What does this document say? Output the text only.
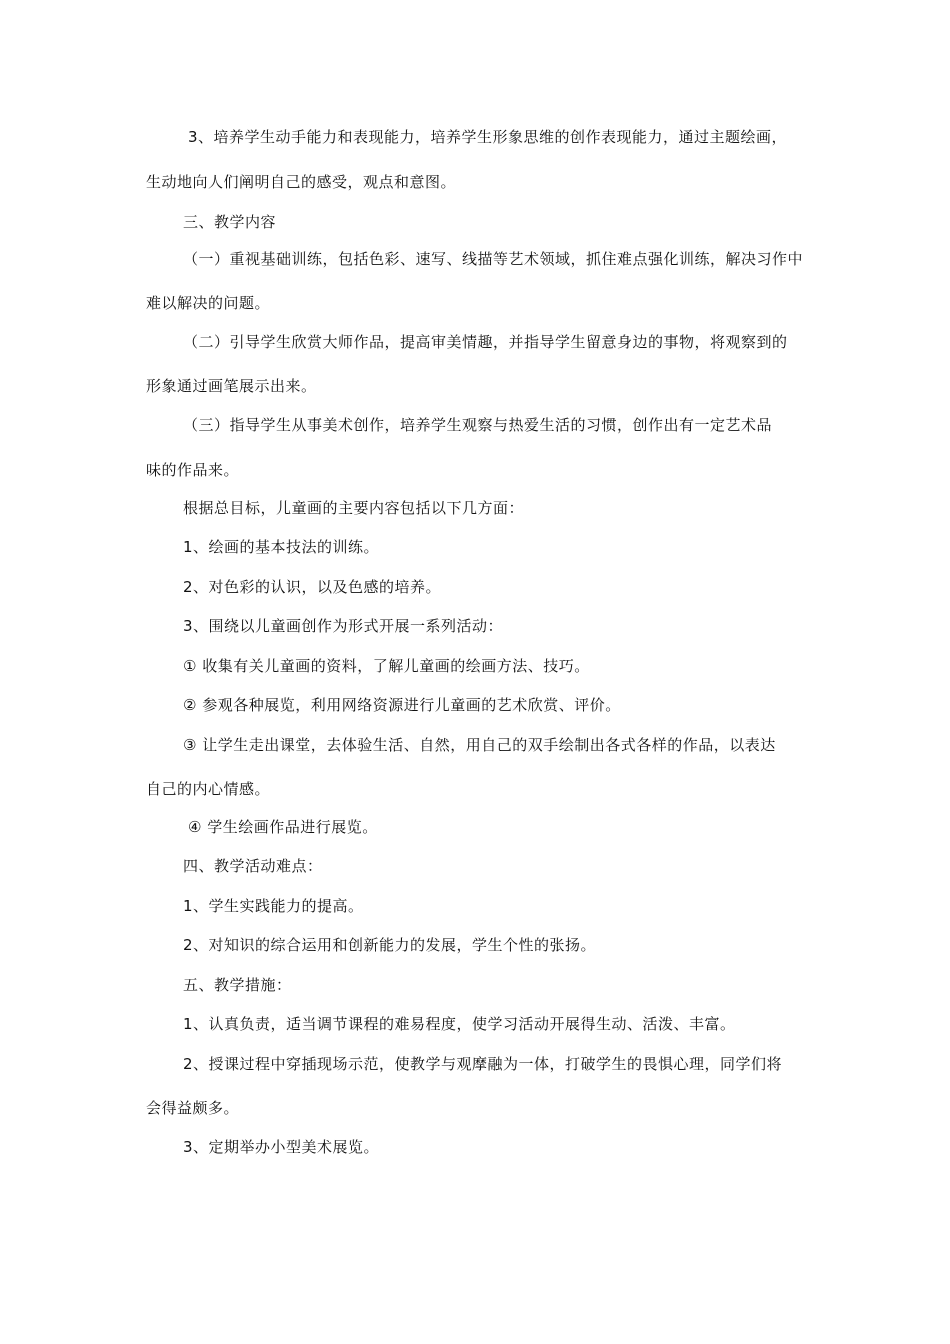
3、培养学生动手能力和表现能力，培养学生形象思维的创作表现能力，通过主题绘画，
生动地向人们阐明自己的感受，观点和意图。
三、教学内容
（一）重视基础训练，包括色彩、速写、线描等艺术领域，抓住难点强化训练，解决习作中
难以解决的问题。
（二）引导学生欣赏大师作品，提高审美情趣，并指导学生留意身边的事物，将观察到的
形象通过画笔展示出来。
（三）指导学生从事美术创作，培养学生观察与热爱生活的习惯，创作出有一定艺术品
味的作品来。
根据总目标，儿童画的主要内容包括以下几方面：
1、绘画的基本技法的训练。
2、对色彩的认识，以及色感的培养。
3、围绕以儿童画创作为形式开展一系列活动：
① 收集有关儿童画的资料，了解儿童画的绘画方法、技巧。
② 参观各种展览，利用网络资源进行儿童画的艺术欣赏、评价。
③ 让学生走出课堂，去体验生活、自然，用自己的双手绘制出各式各样的作品，以表达
自己的内心情感。
④ 学生绘画作品进行展览。
四、教学活动难点：
1、学生实践能力的提高。
2、对知识的综合运用和创新能力的发展，学生个性的张扬。
五、教学措施：
1、认真负责，适当调节课程的难易程度，使学习活动开展得生动、活泼、丰富。
2、授课过程中穿插现场示范，使教学与观摩融为一体，打破学生的畏惧心理，同学们将
会得益颇多。
3、定期举办小型美术展览。
